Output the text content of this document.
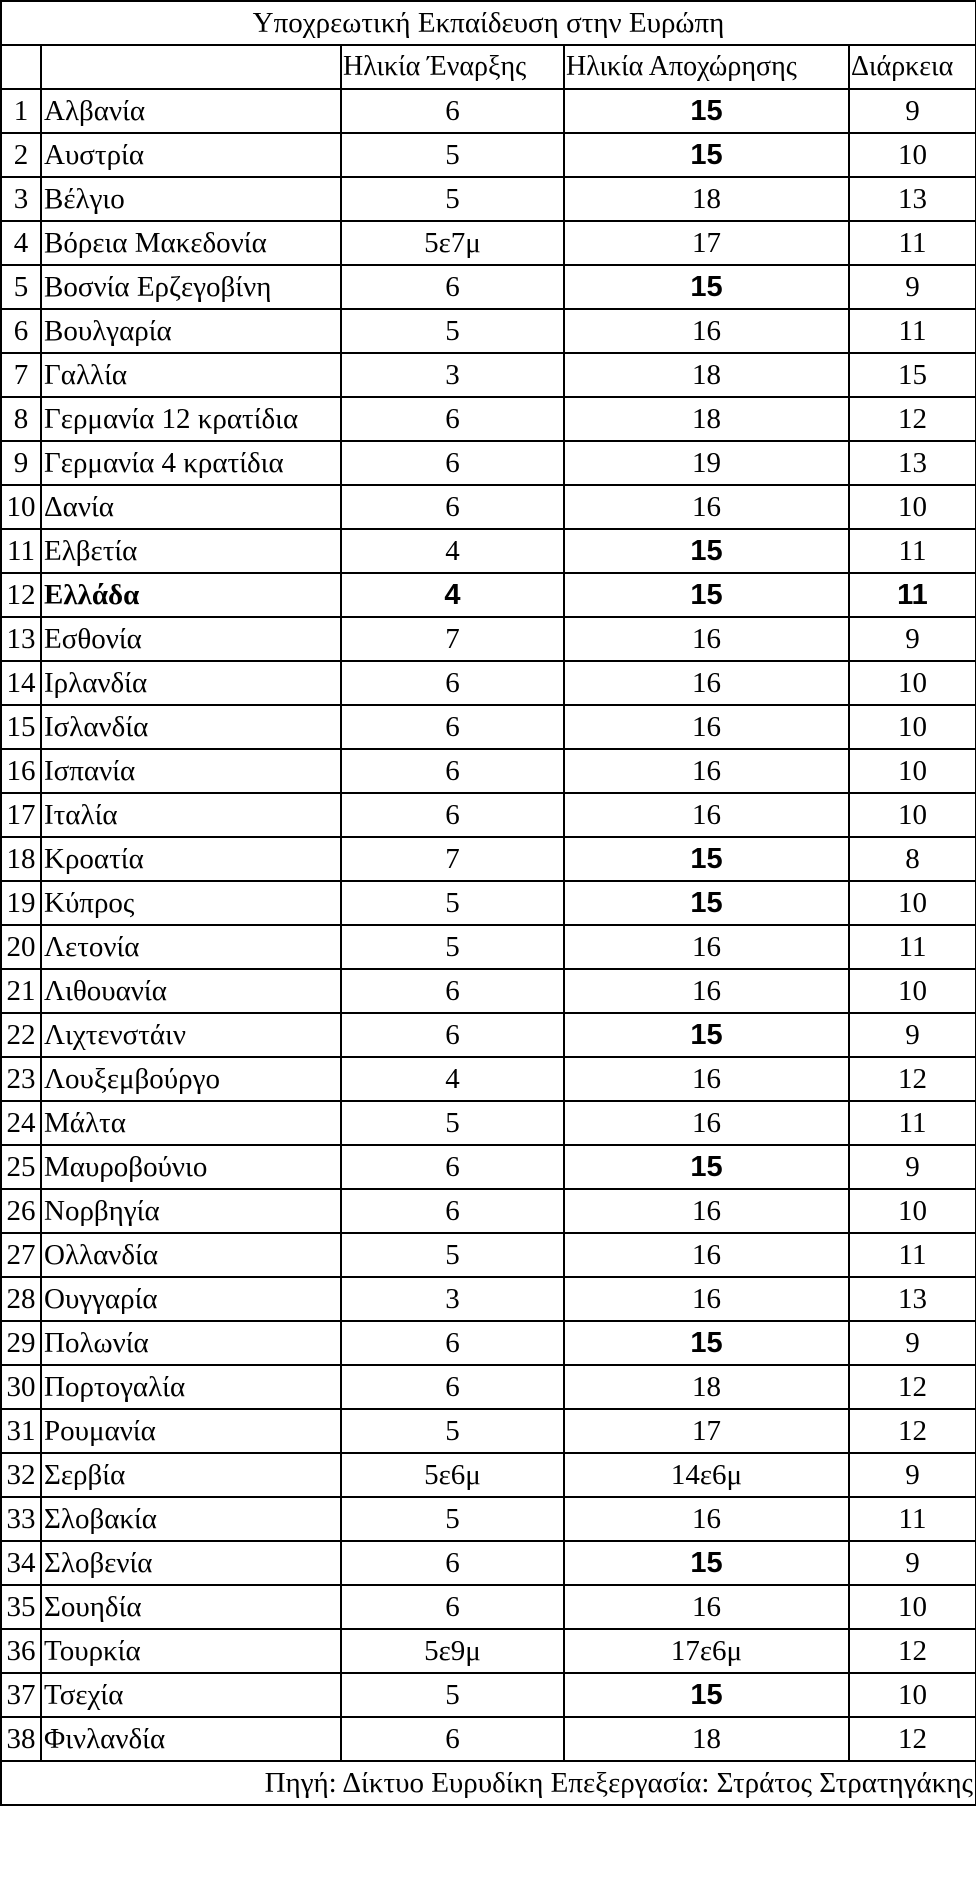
Υποχρεωτική Εκπαίδευση στην Ευρώπη				
		Ηλικία Έναρξης	Ηλικία Αποχώρησης	Διάρκεια
1	Αλβανία	6	15	9
2	Αυστρία	5	15	10
3	Βέλγιο	5	18	13
4	Βόρεια Μακεδονία	5ε7μ	17	11
5	Βοσνία Ερζεγοβίνη	6	15	9
6	Βουλγαρία	5	16	11
7	Γαλλία	3	18	15
8	Γερμανία 12 κρατίδια	6	18	12
9	Γερμανία 4 κρατίδια	6	19	13
10	Δανία	6	16	10
11	Ελβετία	4	15	11
12	Ελλάδα	4	15	11
13	Εσθονία	7	16	9
14	Ιρλανδία	6	16	10
15	Ισλανδία	6	16	10
16	Ισπανία	6	16	10
17	Ιταλία	6	16	10
18	Κροατία	7	15	8
19	Κύπρος	5	15	10
20	Λετονία	5	16	11
21	Λιθουανία	6	16	10
22	Λιχτενστάιν	6	15	9
23	Λουξεμβούργο	4	16	12
24	Μάλτα	5	16	11
25	Μαυροβούνιο	6	15	9
26	Νορβηγία	6	16	10
27	Ολλανδία	5	16	11
28	Ουγγαρία	3	16	13
29	Πολωνία	6	15	9
30	Πορτογαλία	6	18	12
31	Ρουμανία	5	17	12
32	Σερβία	5ε6μ	14ε6μ	9
33	Σλοβακία	5	16	11
34	Σλοβενία	6	15	9
35	Σουηδία	6	16	10
36	Τουρκία	5ε9μ	17ε6μ	12
37	Τσεχία	5	15	10
38	Φινλανδία	6	18	12
Πηγή: Δίκτυο Ευρυδίκη Επεξεργασία: Στράτος Στρατηγάκης				
